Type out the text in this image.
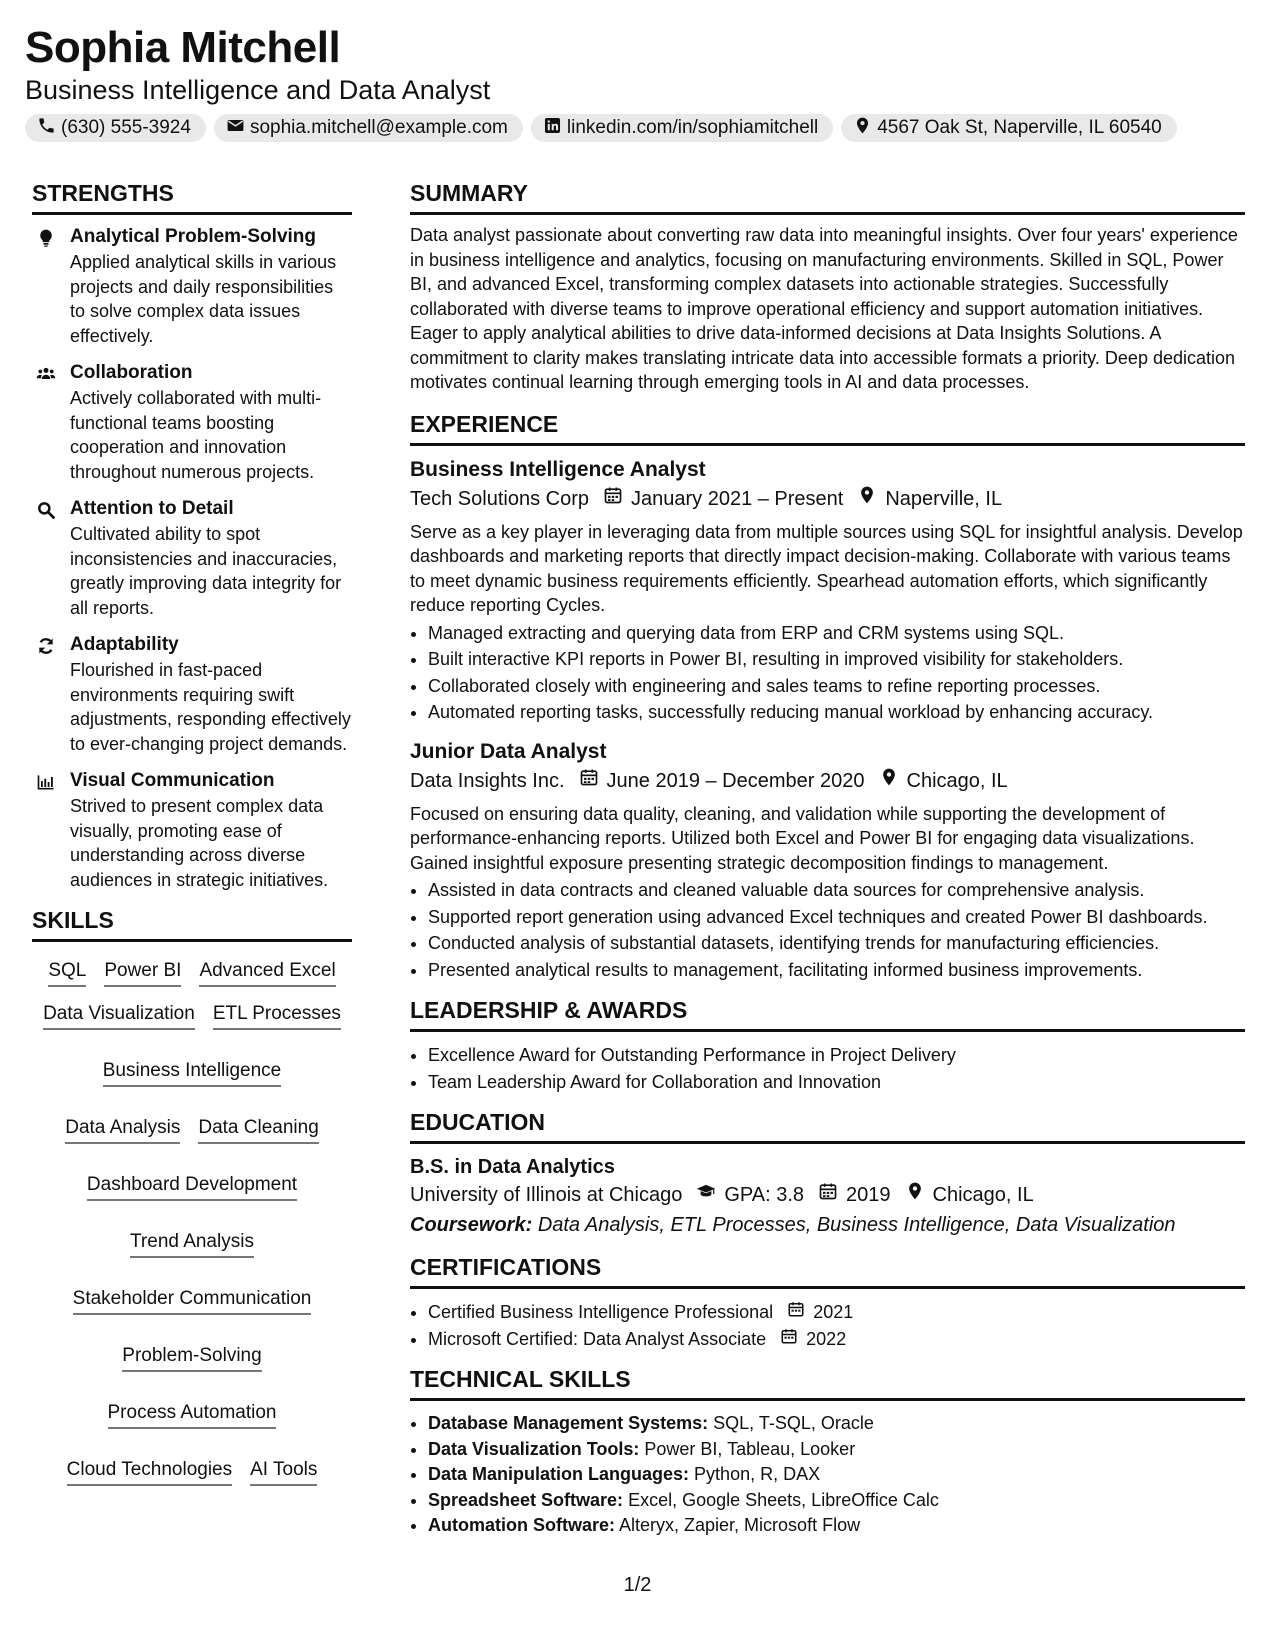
Sophia Mitchell
Business Intelligence and Data Analyst
(630) 555-3924	sophia.mitchell@example.com	linkedin.com/in/sophiamitchell	4567 Oak St, Naperville, IL 60540
STRENGTHS
Analytical Problem-Solving
Applied analytical skills in various projects and daily responsibilities to solve complex data issues effectively.
Collaboration
Actively collaborated with multi-functional teams boosting cooperation and innovation throughout numerous projects.
Attention to Detail
Cultivated ability to spot inconsistencies and inaccuracies, greatly improving data integrity for all reports.
Adaptability
Flourished in fast-paced environments requiring swift adjustments, responding effectively to ever-changing project demands.
Visual Communication
Strived to present complex data visually, promoting ease of understanding across diverse audiences in strategic initiatives.
SKILLS
SQL Power BI Advanced Excel
Data Visualization ETL Processes
Business Intelligence
Data Analysis Data Cleaning
Dashboard Development
Trend Analysis
Stakeholder Communication
Problem-Solving
Process Automation
Cloud Technologies AI Tools
SUMMARY
Data analyst passionate about converting raw data into meaningful insights. Over four years' experience in business intelligence and analytics, focusing on manufacturing environments. Skilled in SQL, Power BI, and advanced Excel, transforming complex datasets into actionable strategies. Successfully collaborated with diverse teams to improve operational efficiency and support automation initiatives. Eager to apply analytical abilities to drive data-informed decisions at Data Insights Solutions. A commitment to clarity makes translating intricate data into accessible formats a priority. Deep dedication motivates continual learning through emerging tools in AI and data processes.
EXPERIENCE
Business Intelligence Analyst
Tech Solutions Corp January 2021 – Present Naperville, IL
Serve as a key player in leveraging data from multiple sources using SQL for insightful analysis. Develop dashboards and marketing reports that directly impact decision-making. Collaborate with various teams to meet dynamic business requirements efficiently. Spearhead automation efforts, which significantly reduce reporting Cycles.
• Managed extracting and querying data from ERP and CRM systems using SQL.
• Built interactive KPI reports in Power BI, resulting in improved visibility for stakeholders.
• Collaborated closely with engineering and sales teams to refine reporting processes.
• Automated reporting tasks, successfully reducing manual workload by enhancing accuracy.
Junior Data Analyst
Data Insights Inc. June 2019 – December 2020 Chicago, IL
Focused on ensuring data quality, cleaning, and validation while supporting the development of performance-enhancing reports. Utilized both Excel and Power BI for engaging data visualizations. Gained insightful exposure presenting strategic decomposition findings to management.
• Assisted in data contracts and cleaned valuable data sources for comprehensive analysis.
• Supported report generation using advanced Excel techniques and created Power BI dashboards.
• Conducted analysis of substantial datasets, identifying trends for manufacturing efficiencies.
• Presented analytical results to management, facilitating informed business improvements.
LEADERSHIP & AWARDS
• Excellence Award for Outstanding Performance in Project Delivery
• Team Leadership Award for Collaboration and Innovation
EDUCATION
B.S. in Data Analytics
University of Illinois at Chicago GPA: 3.8 2019 Chicago, IL
Coursework: Data Analysis, ETL Processes, Business Intelligence, Data Visualization
CERTIFICATIONS
• Certified Business Intelligence Professional 2021
• Microsoft Certified: Data Analyst Associate 2022
TECHNICAL SKILLS
• Database Management Systems: SQL, T-SQL, Oracle
• Data Visualization Tools: Power BI, Tableau, Looker
• Data Manipulation Languages: Python, R, DAX
• Spreadsheet Software: Excel, Google Sheets, LibreOffice Calc
• Automation Software: Alteryx, Zapier, Microsoft Flow
1/2
